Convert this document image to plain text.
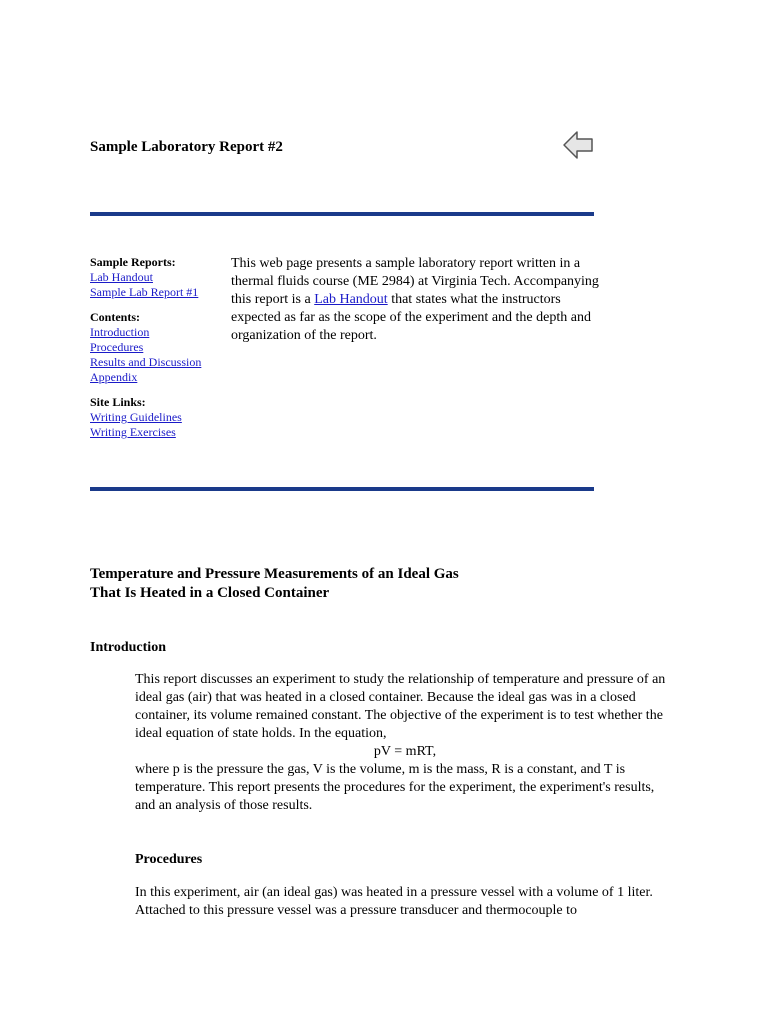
Sample Laboratory Report #2
Sample Reports:
Lab Handout
Sample Lab Report #1
Contents:
Introduction
Procedures
Results and Discussion
Appendix
Site Links:
Writing Guidelines
Writing Exercises
This web page presents a sample laboratory report written in a thermal fluids course (ME 2984) at Virginia Tech. Accompanying this report is a Lab Handout that states what the instructors expected as far as the scope of the experiment and the depth and organization of the report.
Temperature and Pressure Measurements of an Ideal Gas
That Is Heated in a Closed Container
Introduction
This report discusses an experiment to study the relationship of temperature and pressure of an ideal gas (air) that was heated in a closed container. Because the ideal gas was in a closed container, its volume remained constant. The objective of the experiment is to test whether the ideal equation of state holds. In the equation,
pV = mRT,
where p is the pressure the gas, V is the volume, m is the mass, R is a constant, and T is temperature. This report presents the procedures for the experiment, the experiment's results, and an analysis of those results.
Procedures
In this experiment, air (an ideal gas) was heated in a pressure vessel with a volume of 1 liter. Attached to this pressure vessel was a pressure transducer and thermocouple to
